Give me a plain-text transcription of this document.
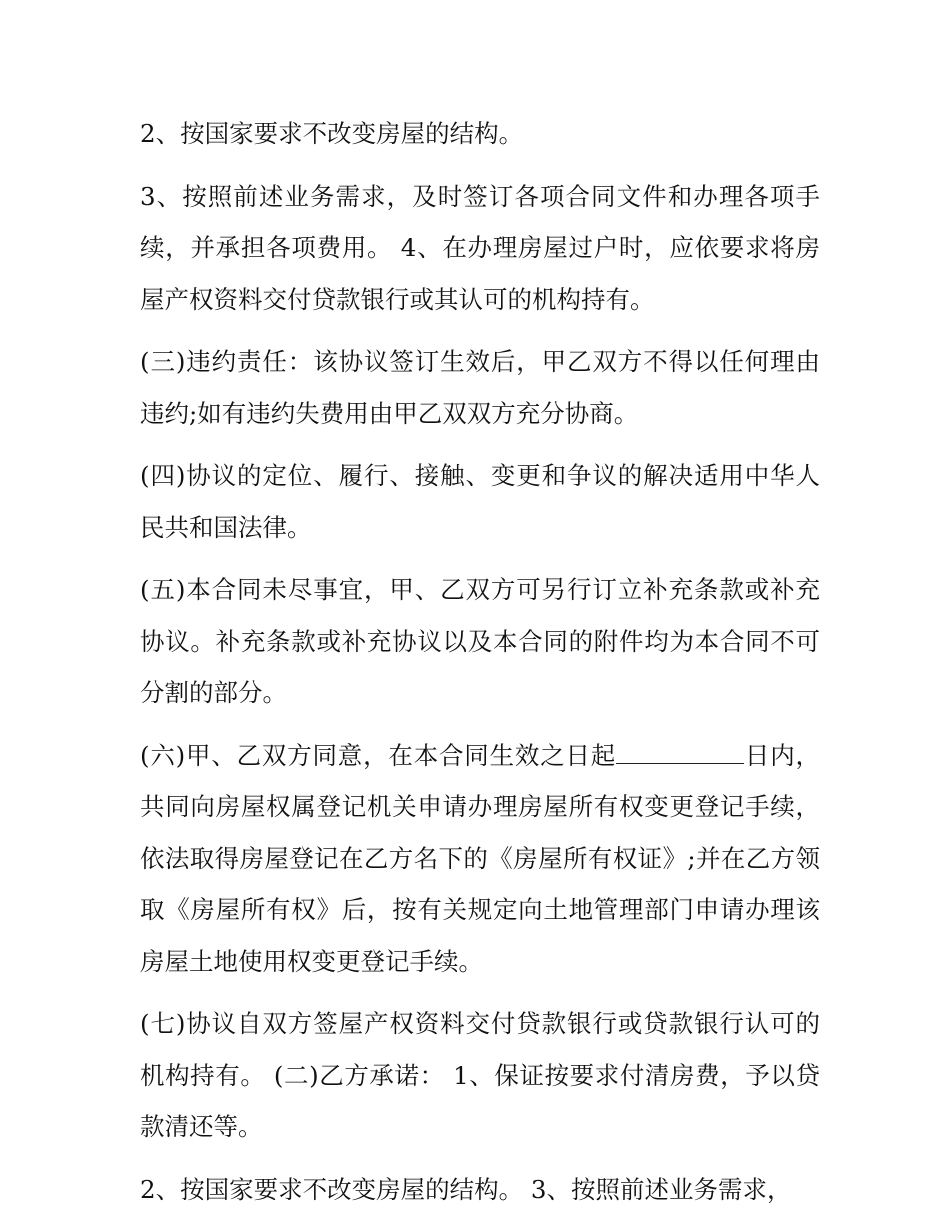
2、按国家要求不改变房屋的结构。

3、按照前述业务需求，及时签订各项合同文件和办理各项手续，并承担各项费用。 4、在办理房屋过户时，应依要求将房屋产权资料交付贷款银行或其认可的机构持有。

(三)违约责任：该协议签订生效后，甲乙双方不得以任何理由违约;如有违约失费用由甲乙双双方充分协商。

(四)协议的定位、履行、接触、变更和争议的解决适用中华人民共和国法律。

(五)本合同未尽事宜，甲、乙双方可另行订立补充条款或补充协议。补充条款或补充协议以及本合同的附件均为本合同不可分割的部分。

(六)甲、乙双方同意，在本合同生效之日起	日内，共同向房屋权属登记机关申请办理房屋所有权变更登记手续，依法取得房屋登记在乙方名下的《房屋所有权证》;并在乙方领取《房屋所有权》后，按有关规定向土地管理部门申请办理该房屋土地使用权变更登记手续。

(七)协议自双方签屋产权资料交付贷款银行或贷款银行认可的机构持有。 (二)乙方承诺： 1、保证按要求付清房费，予以贷款清还等。

2、按国家要求不改变房屋的结构。 3、按照前述业务需求，
